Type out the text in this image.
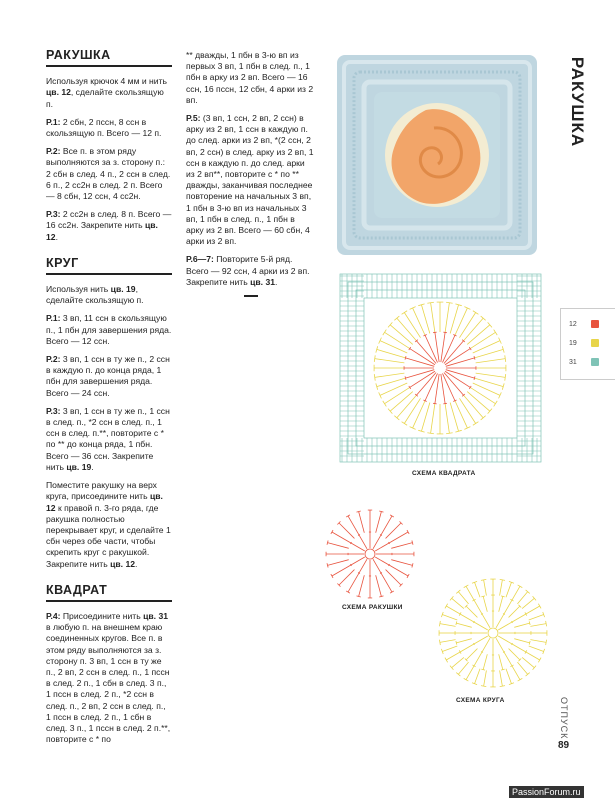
РАКУШКА

Используя крючок 4 мм и нить цв. 12, сделайте скользящую п.

Р.1: 2 сбн, 2 пссн, 8 ссн в скользящую п. Всего — 12 п.

Р.2: Все п. в этом ряду выполняются за з. сторону п.: 2 сбн в след. 4 п., 2 ссн в след. 6 п., 2 сс2н в след. 2 п. Всего — 8 сбн, 12 ссн, 4 сс2н.

Р.3: 2 сс2н в след. 8 п. Всего — 16 сс2н. Закрепите нить цв. 12.

КРУГ

Используя нить цв. 19, сделайте скользящую п.

Р.1: 3 вп, 11 ссн в скользящую п., 1 пбн для завершения ряда. Всего — 12 ссн.

Р.2: 3 вп, 1 ссн в ту же п., 2 ссн в каждую п. до конца ряда, 1 пбн для завершения ряда. Всего — 24 ссн.

Р.3: 3 вп, 1 ссн в ту же п., 1 ссн в след. п., *2 ссн в след. п., 1 ссн в след. п.**, повторите с * по ** до конца ряда, 1 пбн. Всего — 36 ссн. Закрепите нить цв. 19.

Поместите ракушку на верх круга, присоедините нить цв. 12 к правой п. 3-го ряда, где ракушка полностью перекрывает круг, и сделайте 1 сбн через обе части, чтобы скрепить круг с ракушкой. Закрепите нить цв. 12.

КВАДРАТ

Р.4: Присоедините нить цв. 31 в любую п. на внешнем краю соединенных кругов. Все п. в этом ряду выполняются за з. сторону п. 3 вп, 1 ссн в ту же п., 2 вп, 2 ссн в след. п., 1 пссн в след. 2 п., 1 сбн в след. 3 п., 1 пссн в след. 2 п., *2 ссн в след. п., 2 вп, 2 ссн в след. п., 1 пссн в след. 2 п., 1 сбн в след. 3 п., 1 пссн в след. 2 п.**, повторите с * по

** дважды, 1 пбн в 3-ю вп из первых 3 вп, 1 пбн в след. п., 1 пбн в арку из 2 вп. Всего — 16 ссн, 16 пссн, 12 сбн, 4 арки из 2 вп.

Р.5: (3 вп, 1 ссн, 2 вп, 2 ссн) в арку из 2 вп, 1 ссн в каждую п. до след. арки из 2 вп, *(2 ссн, 2 вп, 2 ссн) в след. арку из 2 вп, 1 ссн в каждую п. до след. арки из 2 вп**, повторите с * по ** дважды, заканчивая последнее повторение на начальных 3 вп, 1 пбн в 3-ю вп из начальных 3 вп, 1 пбн в след. п., 1 пбн в арку из 2 вп. Всего — 60 сбн, 4 арки из 2 вп.

Р.6—7: Повторите 5-й ряд. Всего — 92 ссн, 4 арки из 2 вп. Закрепите нить цв. 31.

РАКУШКА
12
19
31
СХЕМА КВАДРАТА
СХЕМА РАКУШКИ
СХЕМА КРУГА	ОТПУСК
89
PassionForum.ru
